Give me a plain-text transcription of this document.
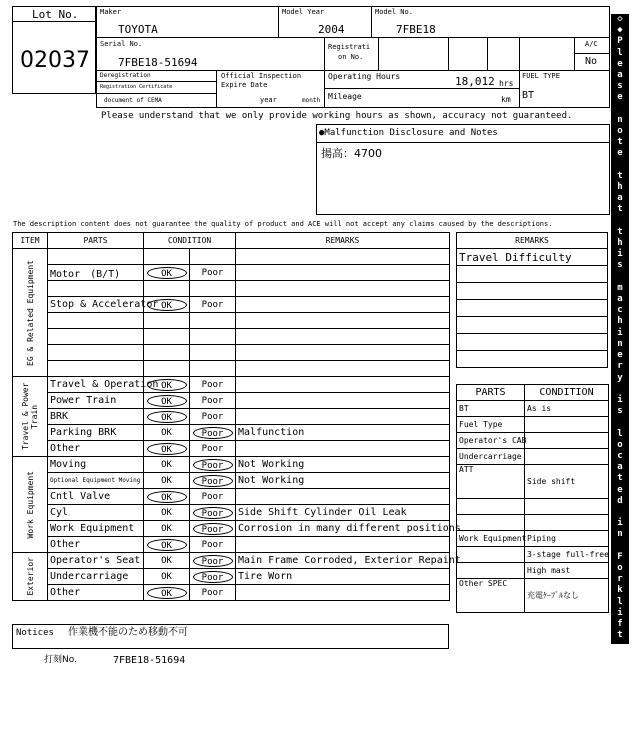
Lot No.
02037
Maker
TOYOTA
Model Year
2004
Model No.
7FBE18
Serial No.
7FBE18-51694
Registrati
on No.
A/C
No
Deregistration
Registration Certificate
document of CEMA
Official Inspection
Expire Date
year	month
Operating Hours	18,012 hrs
Mileage	km
FUEL TYPE
BT
Please understand that we only provide working hours as shown, accuracy not guaranteed.
●Malfunction Disclosure and Notes
揚高：4700
The description content does not guarantee the quality of product and ACE will not accept any claims caused by the descriptions.
ITEM	PARTS	CONDITION		REMARKS

EG & Related Equipment				

	Motor　(B/T)	OK	Poor	

	Stop & Accelerator	OK	Poor	

Travel & Power Train	Travel & Operation	OK	Poor	
	Power Train	OK	Poor	
	BRK	OK	Poor	
	Parking BRK	OK	Poor	Malfunction
	Other	OK	Poor	

Work Equipment	Moving	OK	Poor	Not Working
	Optional Equipment Moving	OK	Poor	Not Working
	Cntl Valve	OK	Poor	
	Cyl	OK	Poor	Side Shift Cylinder Oil Leak
	Work Equipment	OK	Poor	Corrosion in many different positions
	Other	OK	Poor	

Exterior	Operator's Seat	OK	Poor	Main Frame Corroded, Exterior Repaint
	Undercarriage	OK	Poor	Tire Worn
	Other	OK	Poor	
REMARKS
Travel Difficulty

PARTS	CONDITION
BT	As is
Fuel Type	
Operator's CAB	
Undercarriage	
ATT	Side shift

Work Equipment	Piping
	3-stage full-free
	High mast
Other SPEC	充電ｹｰﾌﾞﾙなし
Notices 作業機不能のため移動不可
打刻No.	7FBE18-51694
◇
◆
P
l
e
a
s
e

n
o
t
e

t
h
a
t

t
h
i
s

m
a
c
h
i
n
e
r
y

i
s

l
o
c
a
t
e
d

i
n

F
o
r
k
l
i
f
t

P
a
r
k
i
n
g
◆
◇
